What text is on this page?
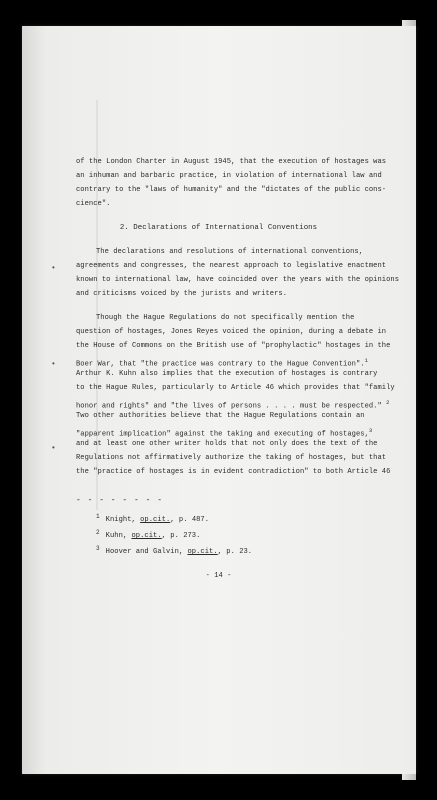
•
•
•
of the London Charter in August 1945, that the execution of hostages was
an inhuman and barbaric practice, in violation of international law and
contrary to the "laws of humanity" and the "dictates of the public cons-
cience".
2. Declarations of International Conventions
The declarations and resolutions of international conventions,
agreements and congresses, the nearest approach to legislative enactment
known to international law, have coincided over the years with the opinions
and criticisms voiced by the jurists and writers.
Though the Hague Regulations do not specifically mention the
question of hostages, Jones Reyes voiced the opinion, during a debate in
the House of Commons on the British use of "prophylactic" hostages in the
Boer War, that "the practice was contrary to the Hague Convention".$^1$
Arthur K. Kuhn also implies that the execution of hostages is contrary
to the Hague Rules, particularly to Article 46 which provides that "family
honor and rights" and "the lives of persons . . . . must be respected." $^2$
Two other authorities believe that the Hague Regulations contain an
"apparent implication" against the taking and executing of hostages,$^3$
and at least one other writer holds that not only does the text of the
Regulations not affirmatively authorize the taking of hostages, but that
the "practice of hostages is in evident contradiction" to both Article 46
- - - - - - - -
$^1$ Knight, op.cit., p. 487.
$^2$ Kuhn, op.cit., p. 273.
$^3$ Hoover and Galvin, op.cit., p. 23.
- 14 -
